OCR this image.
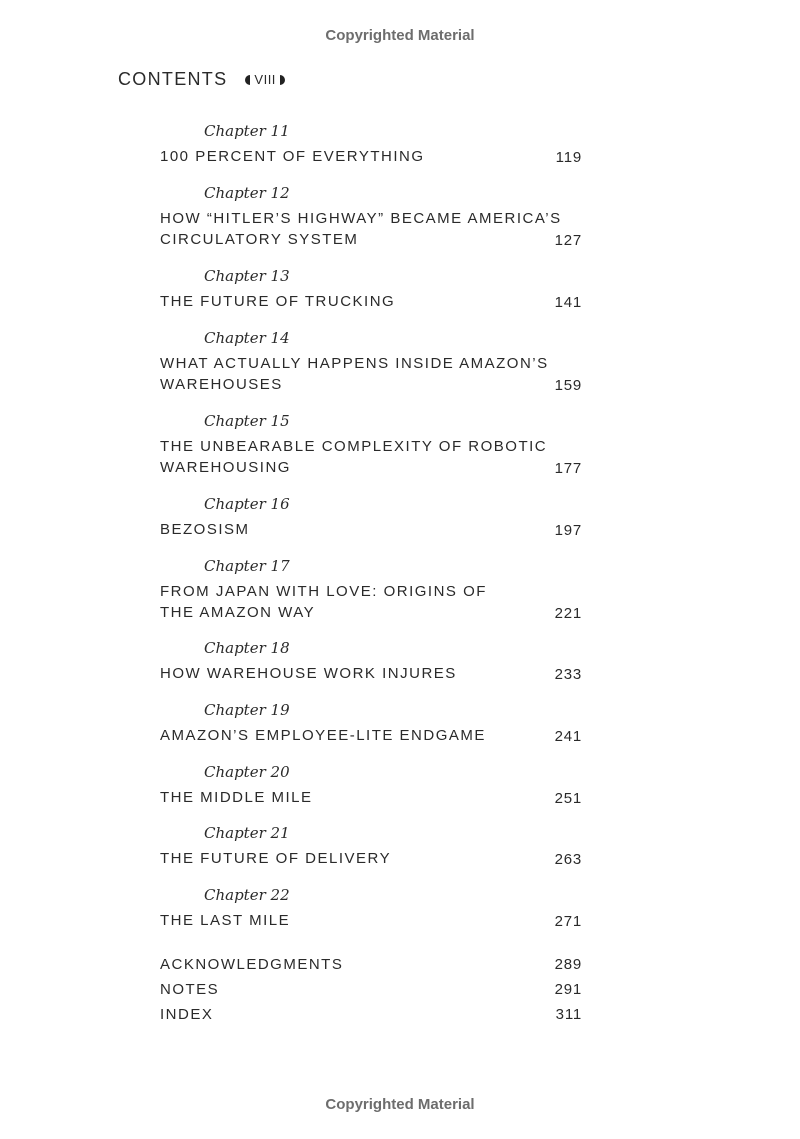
Copyrighted Material
CONTENTS VIII
Chapter 11
100 PERCENT OF EVERYTHING	119
Chapter 12
HOW “HITLER’S HIGHWAY” BECAME AMERICA’S
CIRCULATORY SYSTEM	127
Chapter 13
THE FUTURE OF TRUCKING	141
Chapter 14
WHAT ACTUALLY HAPPENS INSIDE AMAZON’S
WAREHOUSES	159
Chapter 15
THE UNBEARABLE COMPLEXITY OF ROBOTIC
WAREHOUSING	177
Chapter 16
BEZOSISM	197
Chapter 17
FROM JAPAN WITH LOVE: ORIGINS OF
THE AMAZON WAY	221
Chapter 18
HOW WAREHOUSE WORK INJURES	233
Chapter 19
AMAZON’S EMPLOYEE-LITE ENDGAME	241
Chapter 20
THE MIDDLE MILE	251
Chapter 21
THE FUTURE OF DELIVERY	263
Chapter 22
THE LAST MILE	271
ACKNOWLEDGMENTS	289
NOTES	291
INDEX	311
Copyrighted Material
